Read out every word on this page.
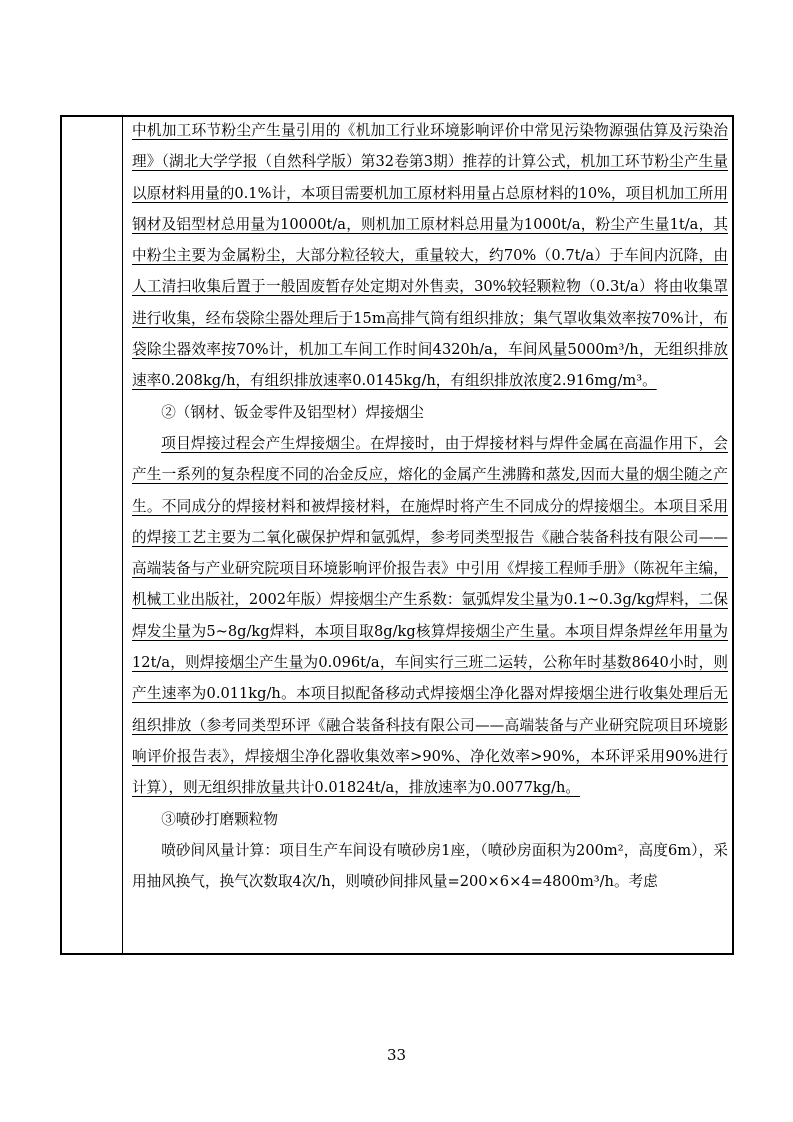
中机加工环节粉尘产生量引用的《机加工行业环境影响评价中常见污染物源强估算及污染治理》（湖北大学学报（自然科学版）第32卷第3期）推荐的计算公式，机加工环节粉尘产生量以原材料用量的0.1%计，本项目需要机加工原材料用量占总原材料的10%，项目机加工所用钢材及铝型材总用量为10000t/a，则机加工原材料总用量为1000t/a，粉尘产生量1t/a，其中粉尘主要为金属粉尘，大部分粒径较大，重量较大，约70%（0.7t/a）于车间内沉降，由人工清扫收集后置于一般固废暂存处定期对外售卖，30%较轻颗粒物（0.3t/a）将由收集罩进行收集，经布袋除尘器处理后于15m高排气筒有组织排放；集气罩收集效率按70%计，布袋除尘器效率按70%计，机加工车间工作时间4320h/a，车间风量5000m³/h，无组织排放速率0.208kg/h，有组织排放速率0.0145kg/h，有组织排放浓度2.916mg/m³。

②（钢材、钣金零件及铝型材）焊接烟尘

项目焊接过程会产生焊接烟尘。在焊接时，由于焊接材料与焊件金属在高温作用下，会产生一系列的复杂程度不同的冶金反应，熔化的金属产生沸腾和蒸发,因而大量的烟尘随之产生。不同成分的焊接材料和被焊接材料，在施焊时将产生不同成分的焊接烟尘。本项目采用的焊接工艺主要为二氧化碳保护焊和氩弧焊，参考同类型报告《融合装备科技有限公司——高端装备与产业研究院项目环境影响评价报告表》中引用《焊接工程师手册》（陈祝年主编，机械工业出版社，2002年版）焊接烟尘产生系数：氩弧焊发尘量为0.1~0.3g/kg焊料，二保焊发尘量为5~8g/kg焊料，本项目取8g/kg核算焊接烟尘产生量。本项目焊条焊丝年用量为12t/a，则焊接烟尘产生量为0.096t/a，车间实行三班二运转，公称年时基数8640小时，则产生速率为0.011kg/h。本项目拟配备移动式焊接烟尘净化器对焊接烟尘进行收集处理后无组织排放（参考同类型环评《融合装备科技有限公司——高端装备与产业研究院项目环境影响评价报告表》，焊接烟尘净化器收集效率>90%、净化效率>90%，本环评采用90%进行计算），则无组织排放量共计0.01824t/a，排放速率为0.0077kg/h。

③喷砂打磨颗粒物

喷砂间风量计算：项目生产车间设有喷砂房1座，（喷砂房面积为200m²，高度6m），采用抽风换气，换气次数取4次/h，则喷砂间排风量=200×6×4=4800m³/h。考虑

33
